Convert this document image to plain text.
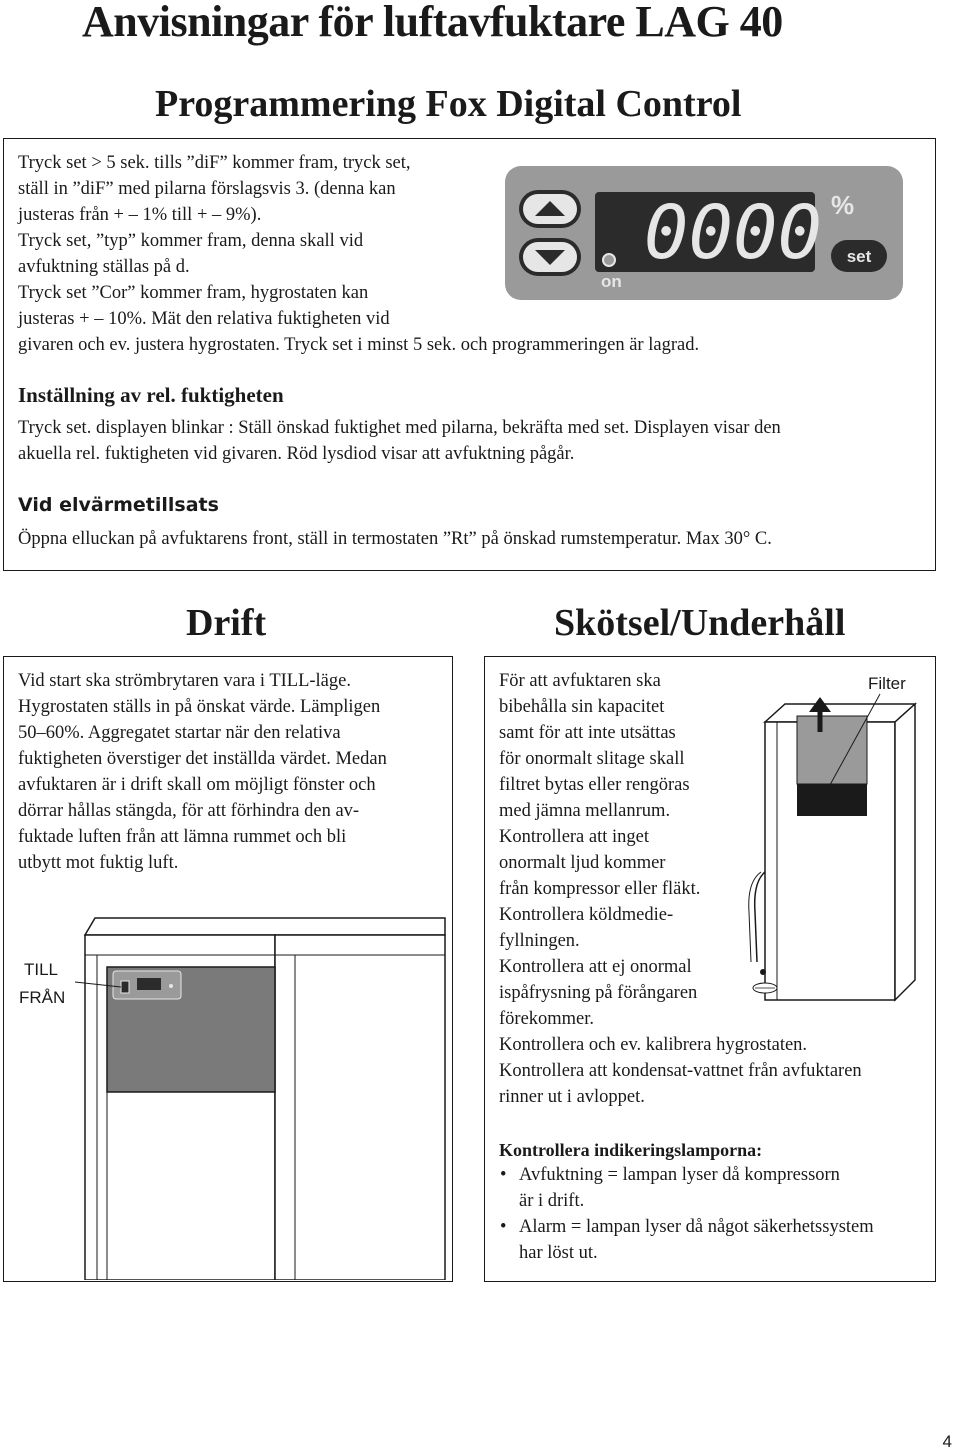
Anvisningar för luftavfuktare LAG 40
Programmering Fox Digital Control
Tryck set > 5 sek. tills ”diF” kommer fram, tryck set,
ställ in ”diF” med pilarna förslagsvis 3. (denna kan
justeras från + – 1% till + – 9%).
Tryck set, ”typ” kommer fram, denna skall vid
avfuktning ställas på d.
Tryck set ”Cor” kommer fram, hygrostaten kan
justeras + – 10%. Mät den relativa fuktigheten vid
givaren och ev. justera hygrostaten. Tryck set i minst 5 sek. och programmeringen är lagrad.
0000
on
%
set
Inställning av rel. fuktigheten
Tryck set. displayen blinkar : Ställ önskad fuktighet med pilarna, bekräfta med set. Displayen visar den
akuella rel. fuktigheten vid givaren. Röd lysdiod visar att avfuktning pågår.
Vid elvärmetillsats
Öppna elluckan på avfuktarens front, ställ in termostaten ”Rt” på önskad rumstemperatur. Max 30° C.
Drift	Skötsel/Underhåll
Vid start ska strömbrytaren vara i TILL-läge.
Hygrostaten ställs in på önskat värde. Lämpligen
50–60%. Aggregatet startar när den relativa
fuktigheten överstiger det inställda värdet. Medan
avfuktaren är i drift skall om möjligt fönster och
dörrar hållas stängda, för att förhindra den av-
fuktade luften från att lämna rummet och bli
utbytt mot fuktig luft.
TILL
FRÅN
För att avfuktaren ska
bibehålla sin kapacitet
samt för att inte utsättas
för onormalt slitage skall
filtret bytas eller rengöras
med jämna mellanrum.
Kontrollera att inget
onormalt ljud kommer
från kompressor eller fläkt.
Kontrollera köldmedie-
fyllningen.
Kontrollera att ej onormal
ispåfrysning på förångaren
förekommer.
Kontrollera och ev. kalibrera hygrostaten.
Kontrollera att kondensat-vattnet från avfuktaren
rinner ut i avloppet.
Filter
Kontrollera indikeringslamporna:
• Avfuktning = lampan lyser då kompressorn
är i drift.
• Alarm = lampan lyser då något säkerhetssystem
har löst ut.
4
